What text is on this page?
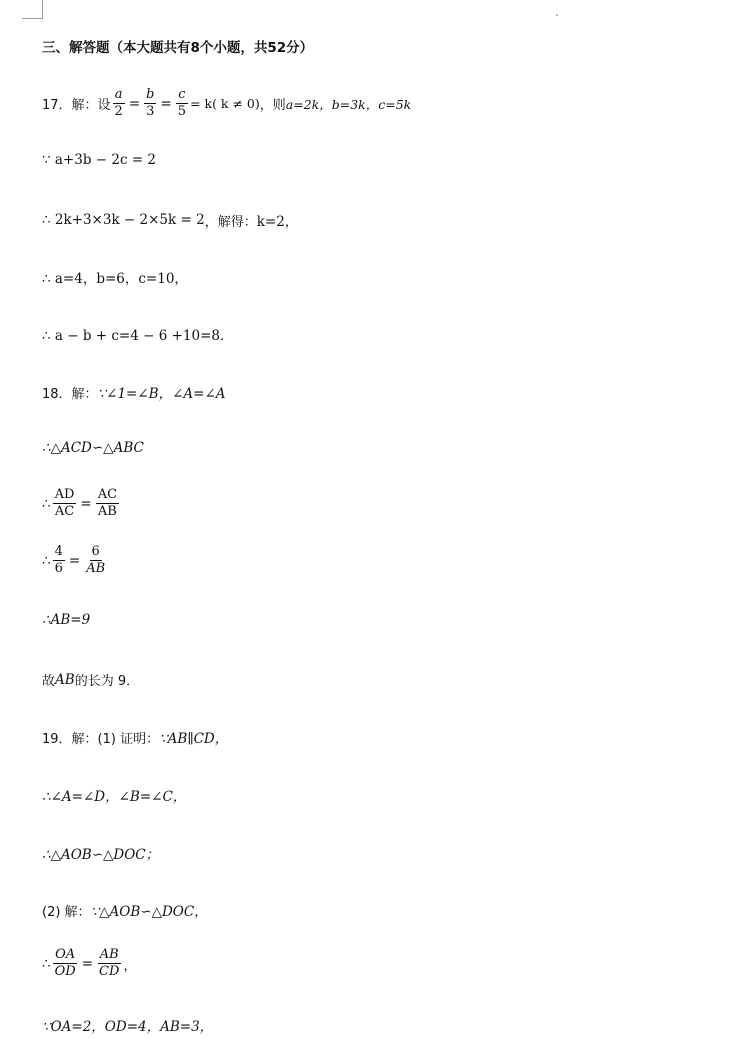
三、解答题（本大题共有8个小题，共52分）
17．解：设 $\frac{a}{2} = \frac{b}{3} = \frac{c}{5} = k$( k ≠ 0) ，则 a=2k，b=3k，c=5k
∵ a+3b − 2c = 2
∴ 2k+3×3k − 2×5k = 2 ，解得： k=2，
∴ a=4，b=6，c=10，
∴ a − b + c=4 − 6 +10=8．
18．解： ∵∠1=∠B，∠A=∠A
∴△ACD∽△ABC
∴ $\frac{AD}{AC} = \frac{AC}{AB}$
∴ $\frac{4}{6} = \frac{6}{AB}$
∴AB=9
故 AB 的长为 9．
19．解：(1) 证明： ∵AB∥CD，
∴∠A=∠D，∠B=∠C，
∴△AOB∽△DOC；
(2) 解： ∵△AOB∽△DOC，
∴ $\frac{OA}{OD} = \frac{AB}{CD}$ ，
∵OA=2，OD=4，AB=3，
